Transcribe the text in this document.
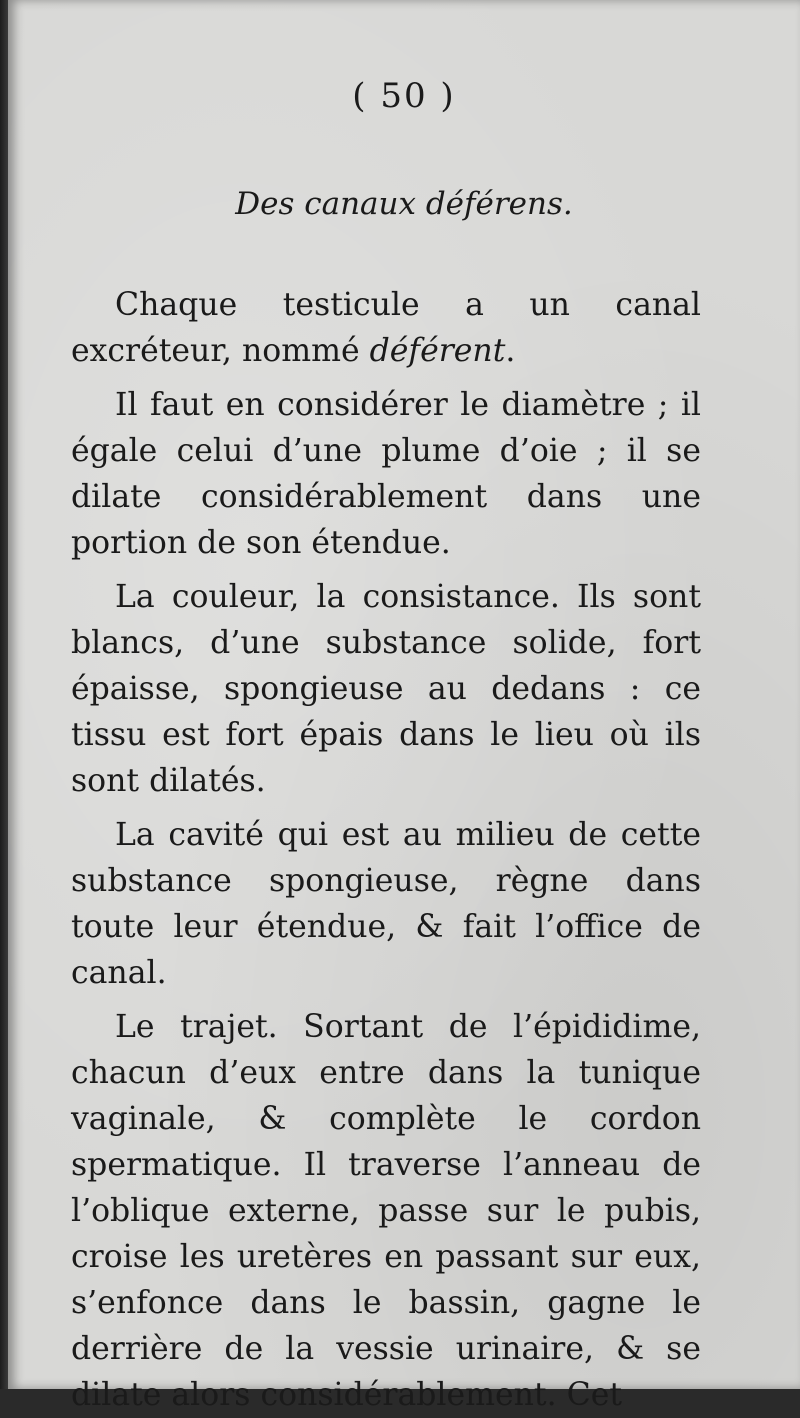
( 50 )
Des canaux déférens.

Chaque testicule a un canal excréteur, nommé déférent.

Il faut en considérer le diamètre ; il égale celui d’une plume d’oie ; il se dilate considérablement dans une portion de son étendue.

La couleur, la consistance. Ils sont blancs, d’une substance solide, fort épaisse, spongieuse au dedans : ce tissu est fort épais dans le lieu où ils sont dilatés.

La cavité qui est au milieu de cette substance spongieuse, règne dans toute leur étendue, & fait l’office de canal.

Le trajet. Sortant de l’épididime, chacun d’eux entre dans la tunique vaginale, & complète le cordon spermatique. Il traverse l’anneau de l’oblique externe, passe sur le pubis, croise les uretères en passant sur eux, s’enfonce dans le bassin, gagne le derrière de la vessie urinaire, & se dilate alors considérablement. Cet
